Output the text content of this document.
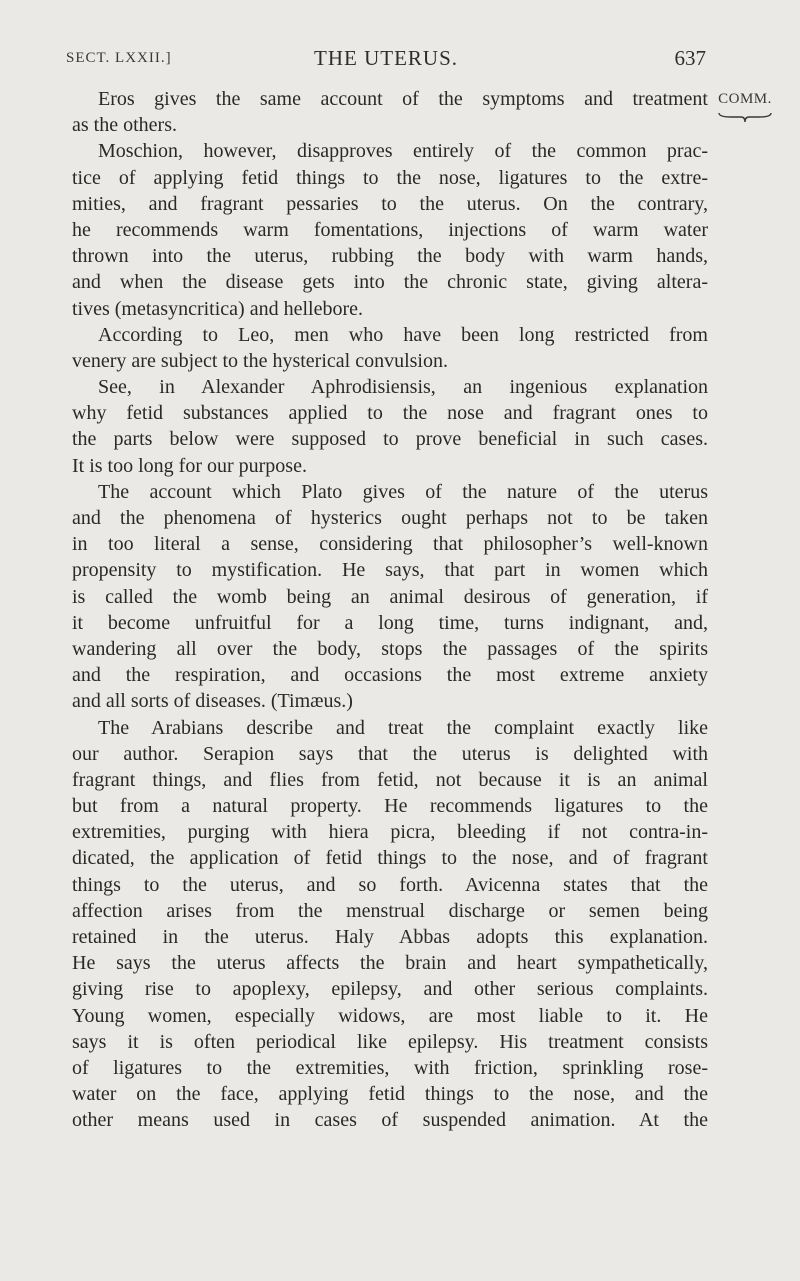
SECT. LXXII.]	THE UTERUS.	637
COMM.
Eros gives the same account of the symptoms and treatment
as the others.
Moschion, however, disapproves entirely of the common prac-
tice of applying fetid things to the nose, ligatures to the extre-
mities, and fragrant pessaries to the uterus. On the contrary,
he recommends warm fomentations, injections of warm water
thrown into the uterus, rubbing the body with warm hands,
and when the disease gets into the chronic state, giving altera-
tives (metasyncritica) and hellebore.
According to Leo, men who have been long restricted from
venery are subject to the hysterical convulsion.
See, in Alexander Aphrodisiensis, an ingenious explanation
why fetid substances applied to the nose and fragrant ones to
the parts below were supposed to prove beneficial in such cases.
It is too long for our purpose.
The account which Plato gives of the nature of the uterus
and the phenomena of hysterics ought perhaps not to be taken
in too literal a sense, considering that philosopher’s well-known
propensity to mystification. He says, that part in women which
is called the womb being an animal desirous of generation, if
it become unfruitful for a long time, turns indignant, and,
wandering all over the body, stops the passages of the spirits
and the respiration, and occasions the most extreme anxiety
and all sorts of diseases. (Timæus.)
The Arabians describe and treat the complaint exactly like
our author. Serapion says that the uterus is delighted with
fragrant things, and flies from fetid, not because it is an animal
but from a natural property. He recommends ligatures to the
extremities, purging with hiera picra, bleeding if not contra-in-
dicated, the application of fetid things to the nose, and of fragrant
things to the uterus, and so forth. Avicenna states that the
affection arises from the menstrual discharge or semen being
retained in the uterus. Haly Abbas adopts this explanation.
He says the uterus affects the brain and heart sympathetically,
giving rise to apoplexy, epilepsy, and other serious complaints.
Young women, especially widows, are most liable to it. He
says it is often periodical like epilepsy. His treatment consists
of ligatures to the extremities, with friction, sprinkling rose-
water on the face, applying fetid things to the nose, and the
other means used in cases of suspended animation. At the
